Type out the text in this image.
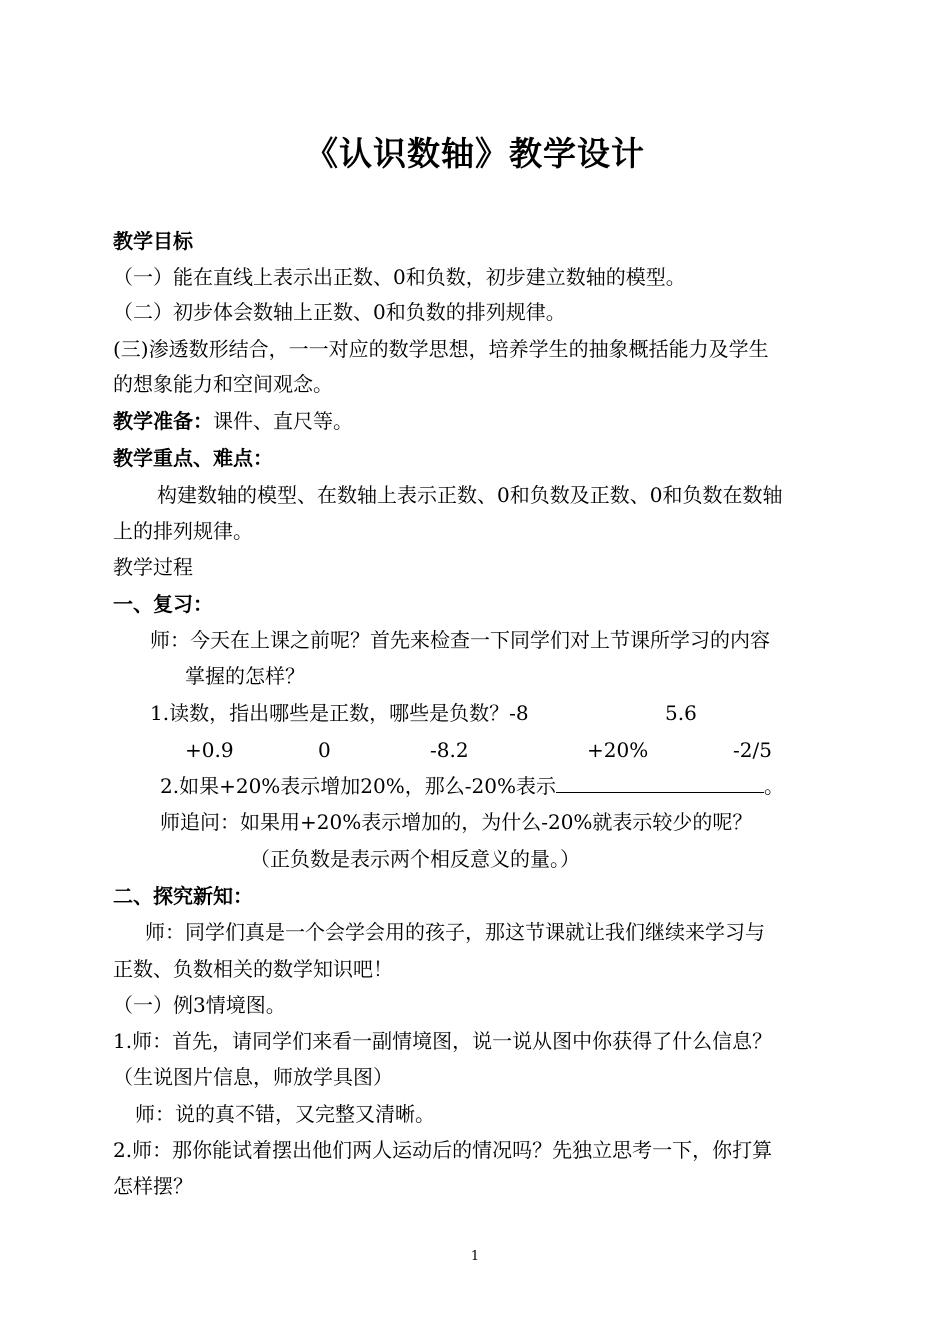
《认识数轴》教学设计
教学目标
（一）能在直线上表示出正数、0和负数，初步建立数轴的模型。
（二）初步体会数轴上正数、0和负数的排列规律。
(三)渗透数形结合，一一对应的数学思想，培养学生的抽象概括能力及学生
的想象能力和空间观念。
教学准备：课件、直尺等。
教学重点、难点：
构建数轴的模型、在数轴上表示正数、0和负数及正数、0和负数在数轴
上的排列规律。
教学过程
一、复习：
师：今天在上课之前呢？首先来检查一下同学们对上节课所学习的内容
掌握的怎样？
1.读数，指出哪些是正数，哪些是负数？-8	5.6
+0.9	0	-8.2	+20%	-2/5
2.如果+20%表示增加20%，那么-20%表示	。
师追问：如果用+20%表示增加的，为什么-20%就表示较少的呢？
（正负数是表示两个相反意义的量。）
二、探究新知：
师：同学们真是一个会学会用的孩子，那这节课就让我们继续来学习与
正数、负数相关的数学知识吧！
（一）例3情境图。
1.师：首先，请同学们来看一副情境图，说一说从图中你获得了什么信息？
（生说图片信息，师放学具图）
师：说的真不错，又完整又清晰。
2.师：那你能试着摆出他们两人运动后的情况吗？先独立思考一下，你打算
怎样摆？
1
